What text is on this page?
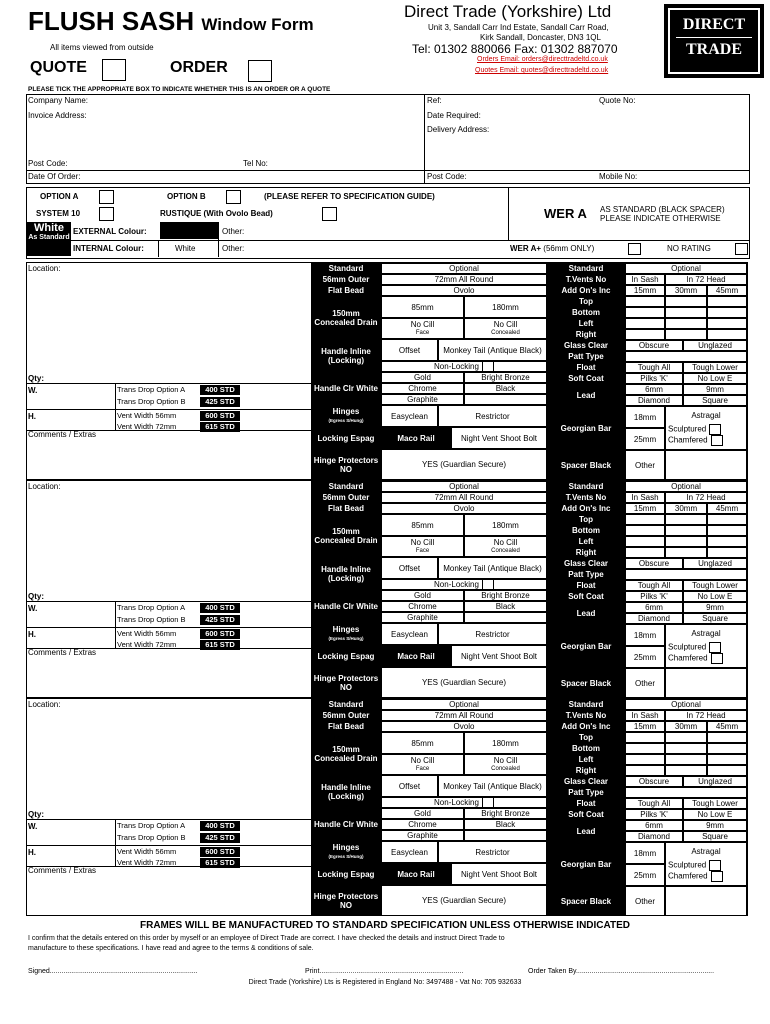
FLUSH SASH Window Form
All items viewed from outside
QUOTE	ORDER
Direct Trade (Yorkshire) Ltd
Unit 3, Sandall Carr Ind Estate, Sandall Carr Road,
Kirk Sandall, Doncaster, DN3 1QL
Tel: 01302 880066 Fax: 01302 887070
Orders Email: orders@directtradeltd.co.uk
Quotes Email: quotes@directtradeltd.co.uk
DIRECT
TRADE
PLEASE TICK THE APPROPRIATE BOX TO INDICATE WHETHER THIS IS AN ORDER OR A QUOTE
Company Name:
Invoice Address:
Post Code:	Tel No:
Date Of Order:
Ref:	Quote No:
Date Required:
Delivery Address:
Post Code:	Mobile No:
OPTION A	OPTION B	(PLEASE REFER TO SPECIFICATION GUIDE)
SYSTEM 10	RUSTIQUE (With Ovolo Bead)	WER A AS STANDARD (BLACK SPACER)
PLEASE INDICATE OTHERWISE
White
As Standard
EXTERNAL Colour:	Other:
INTERNAL Colour:	White	Other:	WER A+ (56mm ONLY)	NO RATING
Location:
Qty:
W.
H.
Comments / Extras
Trans Drop Option A	400 STD
Trans Drop Option B	425 STD
Vent Width 56mm	600 STD
Vent Width 72mm	615 STD
Standard	Optional
56mm Outer	72mm All Round
Flat Bead	Ovolo
150mm Concealed Drain
85mm	180mm
No Cill
Face
No Cill
Concealed
Handle Inline (Locking)
Offset	Monkey Tail (Antique Black)
Non-Locking
Handle Clr White
Gold	Bright Bronze
Chrome	Black
Graphite
Hinges
(Egress S/Hung)	Easyclean	Restrictor
Locking Espag	Maco Rail	Night Vent Shoot Bolt
Hinge Protectors NO	YES (Guardian Secure)
Standard	Optional
T.Vents No	In Sash	In 72 Head
Add On's Inc	15mm	30mm	45mm
Top
Bottom
Left
Right
Glass Clear	Obscure	Unglazed
Patt Type
Float	Tough All	Tough Lower
Soft Coat	Pilks 'K'	No Low E
Lead
6mm	9mm
Diamond	Square
Georgian Bar
18mm
25mm
Astragal
Sculptured
Chamfered
Spacer Black	Other
Location:
Qty:
W.
H.
Comments / Extras
Trans Drop Option A	400 STD
Trans Drop Option B	425 STD
Vent Width 56mm	600 STD
Vent Width 72mm	615 STD
Standard	Optional
56mm Outer	72mm All Round
Flat Bead	Ovolo
150mm Concealed Drain
85mm	180mm
No Cill
Face
No Cill
Concealed
Handle Inline (Locking)
Offset	Monkey Tail (Antique Black)
Non-Locking
Handle Clr White
Gold	Bright Bronze
Chrome	Black
Graphite
Hinges
(Egress S/Hung)	Easyclean	Restrictor
Locking Espag	Maco Rail	Night Vent Shoot Bolt
Hinge Protectors NO	YES (Guardian Secure)
Standard	Optional
T.Vents No	In Sash	In 72 Head
Add On's Inc	15mm	30mm	45mm
Top
Bottom
Left
Right
Glass Clear	Obscure	Unglazed
Patt Type
Float	Tough All	Tough Lower
Soft Coat	Pilks 'K'	No Low E
Lead
6mm	9mm
Diamond	Square
Georgian Bar
18mm
25mm
Astragal
Sculptured
Chamfered
Spacer Black	Other
Location:
Qty:
W.
H.
Comments / Extras
Trans Drop Option A	400 STD
Trans Drop Option B	425 STD
Vent Width 56mm	600 STD
Vent Width 72mm	615 STD
Standard	Optional
56mm Outer	72mm All Round
Flat Bead	Ovolo
150mm Concealed Drain
85mm	180mm
No Cill
Face
No Cill
Concealed
Handle Inline (Locking)
Offset	Monkey Tail (Antique Black)
Non-Locking
Handle Clr White
Gold	Bright Bronze
Chrome	Black
Graphite
Hinges
(Egress S/Hung)	Easyclean	Restrictor
Locking Espag	Maco Rail	Night Vent Shoot Bolt
Hinge Protectors NO	YES (Guardian Secure)
Standard	Optional
T.Vents No	In Sash	In 72 Head
Add On's Inc	15mm	30mm	45mm
Top
Bottom
Left
Right
Glass Clear	Obscure	Unglazed
Patt Type
Float	Tough All	Tough Lower
Soft Coat	Pilks 'K'	No Low E
Lead
6mm	9mm
Diamond	Square
Georgian Bar
18mm
25mm
Astragal
Sculptured
Chamfered
Spacer Black	Other
FRAMES WILL BE MANUFACTURED TO STANDARD SPECIFICATION UNLESS OTHERWISE INDICATED
I confirm that the details entered on this order by myself or an employee of Direct Trade are correct. I have checked the details and instruct Direct Trade to
manufacture to these specifications. I have read and agree to the terms & conditions of sale.
Signed............................................................................	Print..........................................................................	Order Taken By.......................................................................
Direct Trade (Yorkshire) Lts is Registered in England No: 3497488 - Vat No: 705 932633
